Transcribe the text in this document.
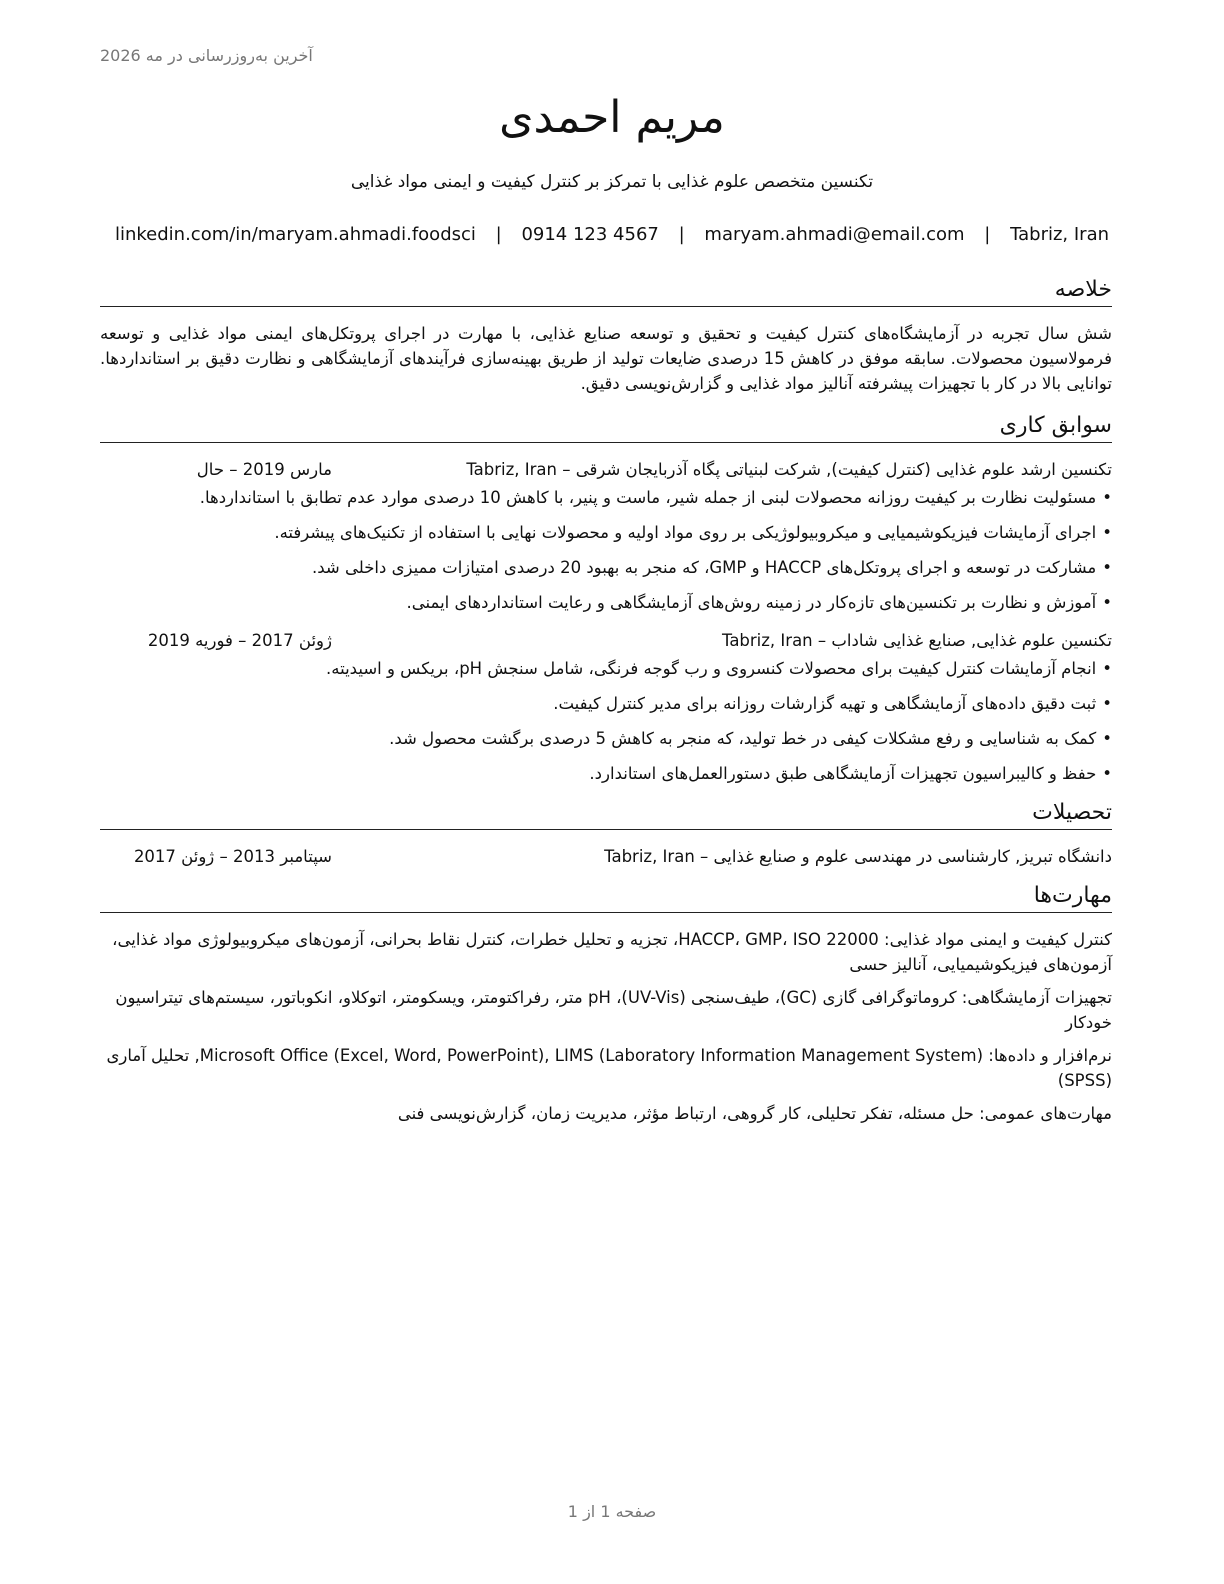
آخرین به‌روزرسانی در مه 2026
مریم احمدی
تکنسین متخصص علوم غذایی با تمرکز بر کنترل کیفیت و ایمنی مواد غذایی
linkedin.com/in/maryam.ahmadi.foodsci | 0914 123 4567 | maryam.ahmadi@email.com | Tabriz, Iran
خلاصه
شش سال تجربه در آزمایشگاه‌های کنترل کیفیت و تحقیق و توسعه صنایع غذایی، با مهارت در اجرای پروتکل‌های ایمنی مواد غذایی و توسعه فرمولاسیون محصولات. سابقه موفق در کاهش 15 درصدی ضایعات تولید از طریق بهینه‌سازی فرآیندهای آزمایشگاهی و نظارت دقیق بر استانداردها. توانایی بالا در کار با تجهیزات پیشرفته آنالیز مواد غذایی و گزارش‌نویسی دقیق.
سوابق کاری
تکنسین ارشد علوم غذایی (کنترل کیفیت), شرکت لبنیاتی پگاه آذربایجان شرقی – Tabriz, Iran
مارس 2019 – حال
•مسئولیت نظارت بر کیفیت روزانه محصولات لبنی از جمله شیر، ماست و پنیر، با کاهش 10 درصدی موارد عدم تطابق با استانداردها.
•اجرای آزمایشات فیزیکوشیمیایی و میکروبیولوژیکی بر روی مواد اولیه و محصولات نهایی با استفاده از تکنیک‌های پیشرفته.
•مشارکت در توسعه و اجرای پروتکل‌های HACCP و GMP، که منجر به بهبود 20 درصدی امتیازات ممیزی داخلی شد.
•آموزش و نظارت بر تکنسین‌های تازه‌کار در زمینه روش‌های آزمایشگاهی و رعایت استانداردهای ایمنی.
تکنسین علوم غذایی, صنایع غذایی شاداب – Tabriz, Iran
ژوئن 2017 – فوریه 2019
•انجام آزمایشات کنترل کیفیت برای محصولات کنسروی و رب گوجه فرنگی، شامل سنجش pH، بریکس و اسیدیته.
•ثبت دقیق داده‌های آزمایشگاهی و تهیه گزارشات روزانه برای مدیر کنترل کیفیت.
•کمک به شناسایی و رفع مشکلات کیفی در خط تولید، که منجر به کاهش 5 درصدی برگشت محصول شد.
•حفظ و کالیبراسیون تجهیزات آزمایشگاهی طبق دستورالعمل‌های استاندارد.
تحصیلات
دانشگاه تبریز, کارشناسی در مهندسی علوم و صنایع غذایی – Tabriz, Iran
سپتامبر 2013 – ژوئن 2017
مهارت‌ها
کنترل کیفیت و ایمنی مواد غذایی: HACCP، GMP، ISO 22000، تجزیه و تحلیل خطرات، کنترل نقاط بحرانی، آزمون‌های میکروبیولوژی مواد غذایی، آزمون‌های فیزیکوشیمیایی، آنالیز حسی
تجهیزات آزمایشگاهی: کروماتوگرافی گازی (GC)، طیف‌سنجی (UV-Vis)، pH متر، رفراکتومتر، ویسکومتر، اتوکلاو، انکوباتور، سیستم‌های تیتراسیون خودکار
نرم‌افزار و داده‌ها: Microsoft Office (Excel, Word, PowerPoint), LIMS (Laboratory Information Management System), تحلیل آماری (SPSS)
مهارت‌های عمومی: حل مسئله، تفکر تحلیلی، کار گروهی، ارتباط مؤثر، مدیریت زمان، گزارش‌نویسی فنی
صفحه 1 از 1
